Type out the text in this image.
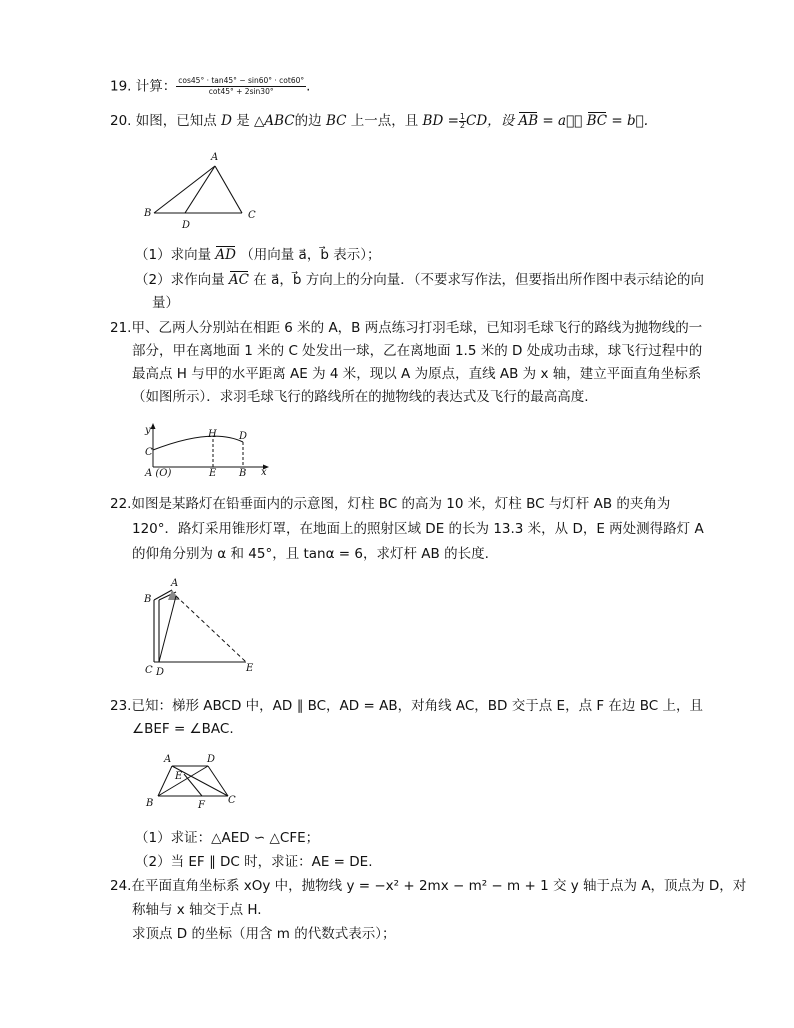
19. 计算： $\frac{\cos 45^\circ \cdot \tan 45^\circ - \sin 60^\circ \cdot \cot 60^\circ}{\cot 45^\circ + 2\sin 30^\circ}$ .
20. 如图，已知点 D 是 △ABC的边 BC 上一点，且 BD = $\frac{1}{2}$ CD，设 AB = a⃗， BC = b⃗.
A
B	C
D
（1）求向量 AD （用向量 a⃗，b⃗ 表示）；
（2）求作向量 AC 在 a⃗，b⃗ 方向上的分向量．（不要求写作法，但要指出所作图中表示结论的向
量）
21.甲、乙两人分别站在相距 6 米的 A，B 两点练习打羽毛球，已知羽毛球飞行的路线为抛物线的一
部分，甲在离地面 1 米的 C 处发出一球，乙在离地面 1.5 米的 D 处成功击球，球飞行过程中的
最高点 H 与甲的水平距离 AE 为 4 米，现以 A 为原点，直线 AB 为 x 轴，建立平面直角坐标系
（如图所示）．求羽毛球飞行的路线所在的抛物线的表达式及飞行的最高高度.
y
x
C
H D
A (O)	E B
22.如图是某路灯在铅垂面内的示意图，灯柱 BC 的高为 10 米，灯柱 BC 与灯杆 AB 的夹角为
120°．路灯采用锥形灯罩，在地面上的照射区域 DE 的长为 13.3 米，从 D，E 两处测得路灯 A
的仰角分别为 α 和 45°，且 tanα = 6，求灯杆 AB 的长度.
A
B
C D	E
23.已知：梯形 ABCD 中，AD ∥ BC，AD = AB，对角线 AC，BD 交于点 E，点 F 在边 BC 上，且
∠BEF = ∠BAC.
A	D
B	C
E
F
（1）求证：△AED ∽ △CFE；
（2）当 EF ∥ DC 时，求证：AE = DE.
24.在平面直角坐标系 xOy 中，抛物线 y = −x² + 2mx − m² − m + 1 交 y 轴于点为 A，顶点为 D，对
称轴与 x 轴交于点 H.
求顶点 D 的坐标（用含 m 的代数式表示）；
